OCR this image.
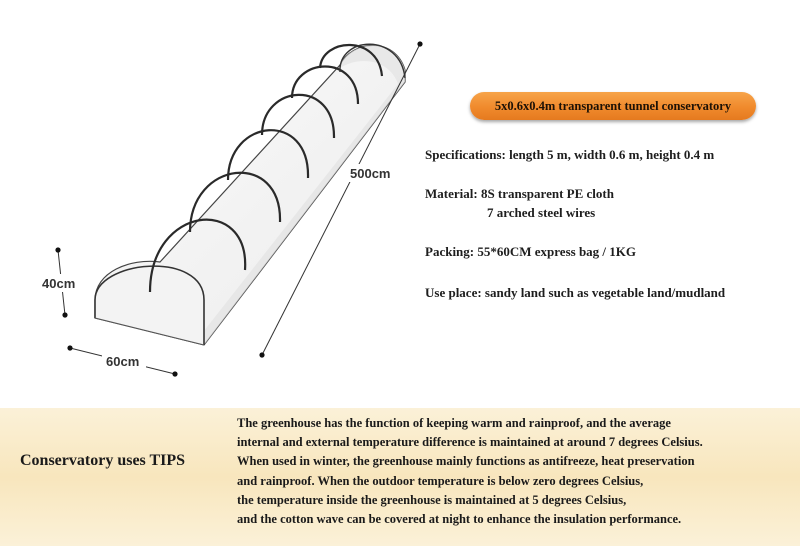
500cm
40cm
60cm
5x0.6x0.4m transparent tunnel conservatory
Specifications: length 5 m, width 0.6 m, height 0.4 m
Material: 8S transparent PE cloth
7 arched steel wires
Packing: 55*60CM express bag / 1KG
Use place: sandy land such as vegetable land/mudland
Conservatory uses TIPS
The greenhouse has the function of keeping warm and rainproof, and the average
internal and external temperature difference is maintained at around 7 degrees Celsius.
When used in winter, the greenhouse mainly functions as antifreeze, heat preservation
and rainproof. When the outdoor temperature is below zero degrees Celsius,
the temperature inside the greenhouse is maintained at 5 degrees Celsius,
and the cotton wave can be covered at night to enhance the insulation performance.
